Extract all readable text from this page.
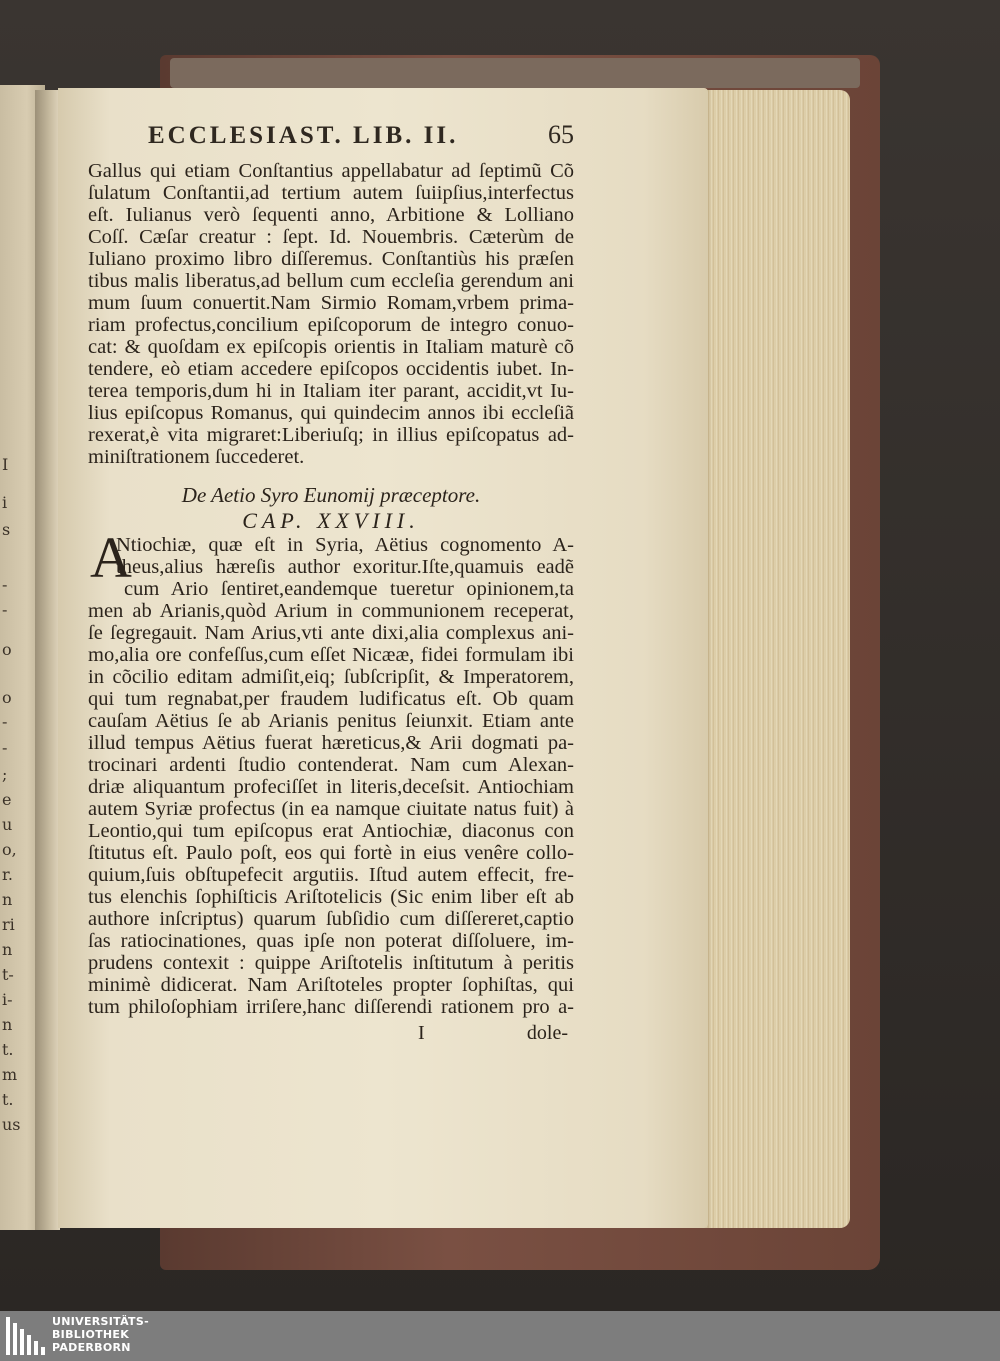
I
i
s
-
-
o
o
-
-
;
e
u
o,
r.
n
ri
n
t-
i-
n
t.
m
t.
us
ECCLESIAST. LIB. II.	65
Gallus qui etiam Conſtantius appellabatur ad ſeptimũ Cõ
ſulatum Conſtantii,ad tertium autem ſuiipſius,interfectus
eſt. Iulianus verò ſequenti anno, Arbitione & Lolliano
Coſſ. Cæſar creatur : ſept. Id. Nouembris. Cæterùm de
Iuliano proximo libro diſſeremus. Conſtantiùs his præſen
tibus malis liberatus,ad bellum cum eccleſia gerendum ani
mum ſuum conuertit.Nam Sirmio Romam,vrbem prima-
riam profectus,concilium epiſcoporum de integro conuo-
cat: & quoſdam ex epiſcopis orientis in Italiam maturè cõ
tendere, eò etiam accedere epiſcopos occidentis iubet. In-
terea temporis,dum hi in Italiam iter parant, accidit,vt Iu-
lius epiſcopus Romanus, qui quindecim annos ibi eccleſiã
rexerat,è vita migraret:Liberiuſq; in illius epiſcopatus ad-
miniſtrationem ſuccederet.
De Aetio Syro Eunomij præceptore.
CAP. XXVIII.
A
Ntiochiæ, quæ eſt in Syria, Aëtius cognomento A-
theus,alius hæreſis author exoritur.Iſte,quamuis eadẽ
cum Ario ſentiret,eandemque tueretur opinionem,ta
men ab Arianis,quòd Arium in communionem receperat,
ſe ſegregauit. Nam Arius,vti ante dixi,alia complexus ani-
mo,alia ore confeſſus,cum eſſet Nicææ, fidei formulam ibi
in cõcilio editam admiſit,eiq; ſubſcripſit, & Imperatorem,
qui tum regnabat,per fraudem ludificatus eſt. Ob quam
cauſam Aëtius ſe ab Arianis penitus ſeiunxit. Etiam ante
illud tempus Aëtius fuerat hæreticus,& Arii dogmati pa-
trocinari ardenti ſtudio contenderat. Nam cum Alexan-
driæ aliquantum profeciſſet in literis,deceſsit. Antiochiam
autem Syriæ profectus (in ea namque ciuitate natus fuit) à
Leontio,qui tum epiſcopus erat Antiochiæ, diaconus con
ſtitutus eſt. Paulo poſt, eos qui fortè in eius venêre collo-
quium,ſuis obſtupefecit argutiis. Iſtud autem effecit, fre-
tus elenchis ſophiſticis Ariſtotelicis (Sic enim liber eſt ab
authore inſcriptus) quarum ſubſidio cum diſſereret,captio
ſas ratiocinationes, quas ipſe non poterat diſſoluere, im-
prudens contexit : quippe Ariſtotelis inſtitutum à peritis
minimè didicerat. Nam Ariſtoteles propter ſophiſtas, qui
tum philoſophiam irriſere,hanc diſſerendi rationem pro a-
I	dole-
UNIVERSITÄTS-
BIBLIOTHEK
PADERBORN
